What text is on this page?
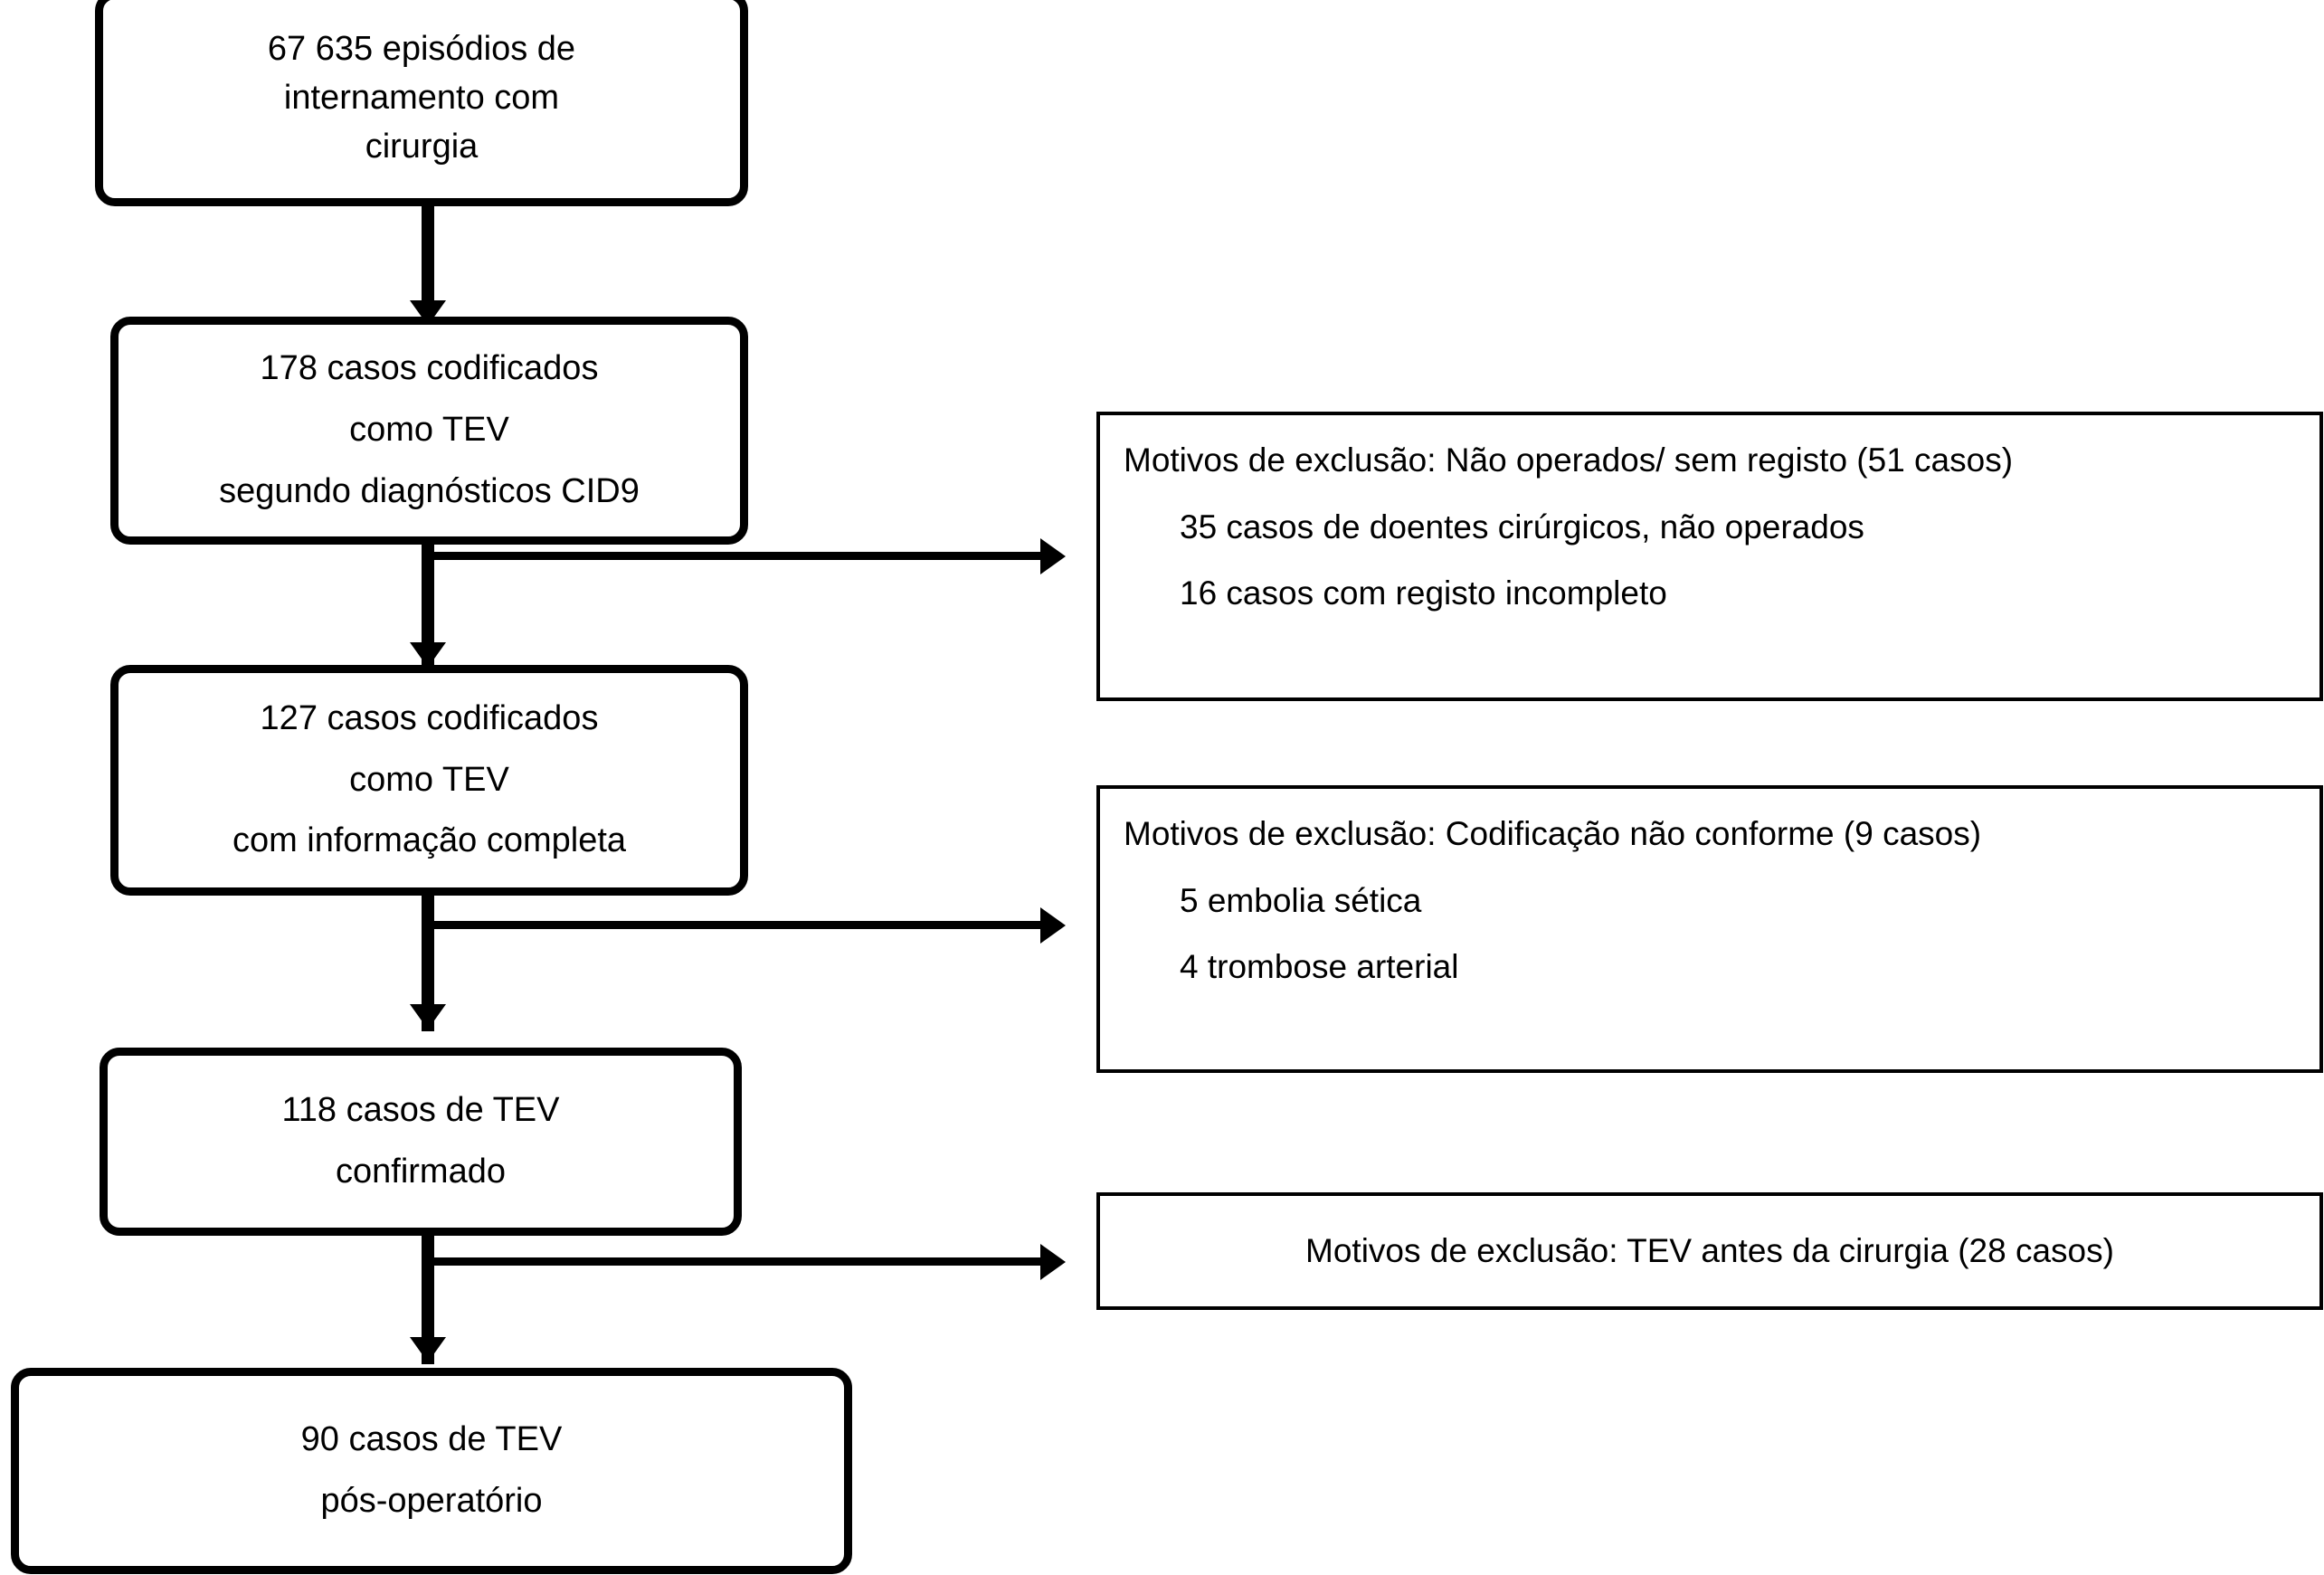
67 635 episódios de
internamento com
cirurgia
178 casos codificados
como TEV
segundo diagnósticos CID9
127 casos codificados
como TEV
com informação completa
118 casos de TEV
confirmado
90 casos de TEV
pós-operatório
Motivos de exclusão: Não operados/ sem registo (51 casos)
35 casos de doentes cirúrgicos, não operados
16 casos com registo incompleto
Motivos de exclusão: Codificação não conforme (9 casos)
5 embolia sética
4 trombose arterial
Motivos de exclusão: TEV antes da cirurgia (28 casos)
